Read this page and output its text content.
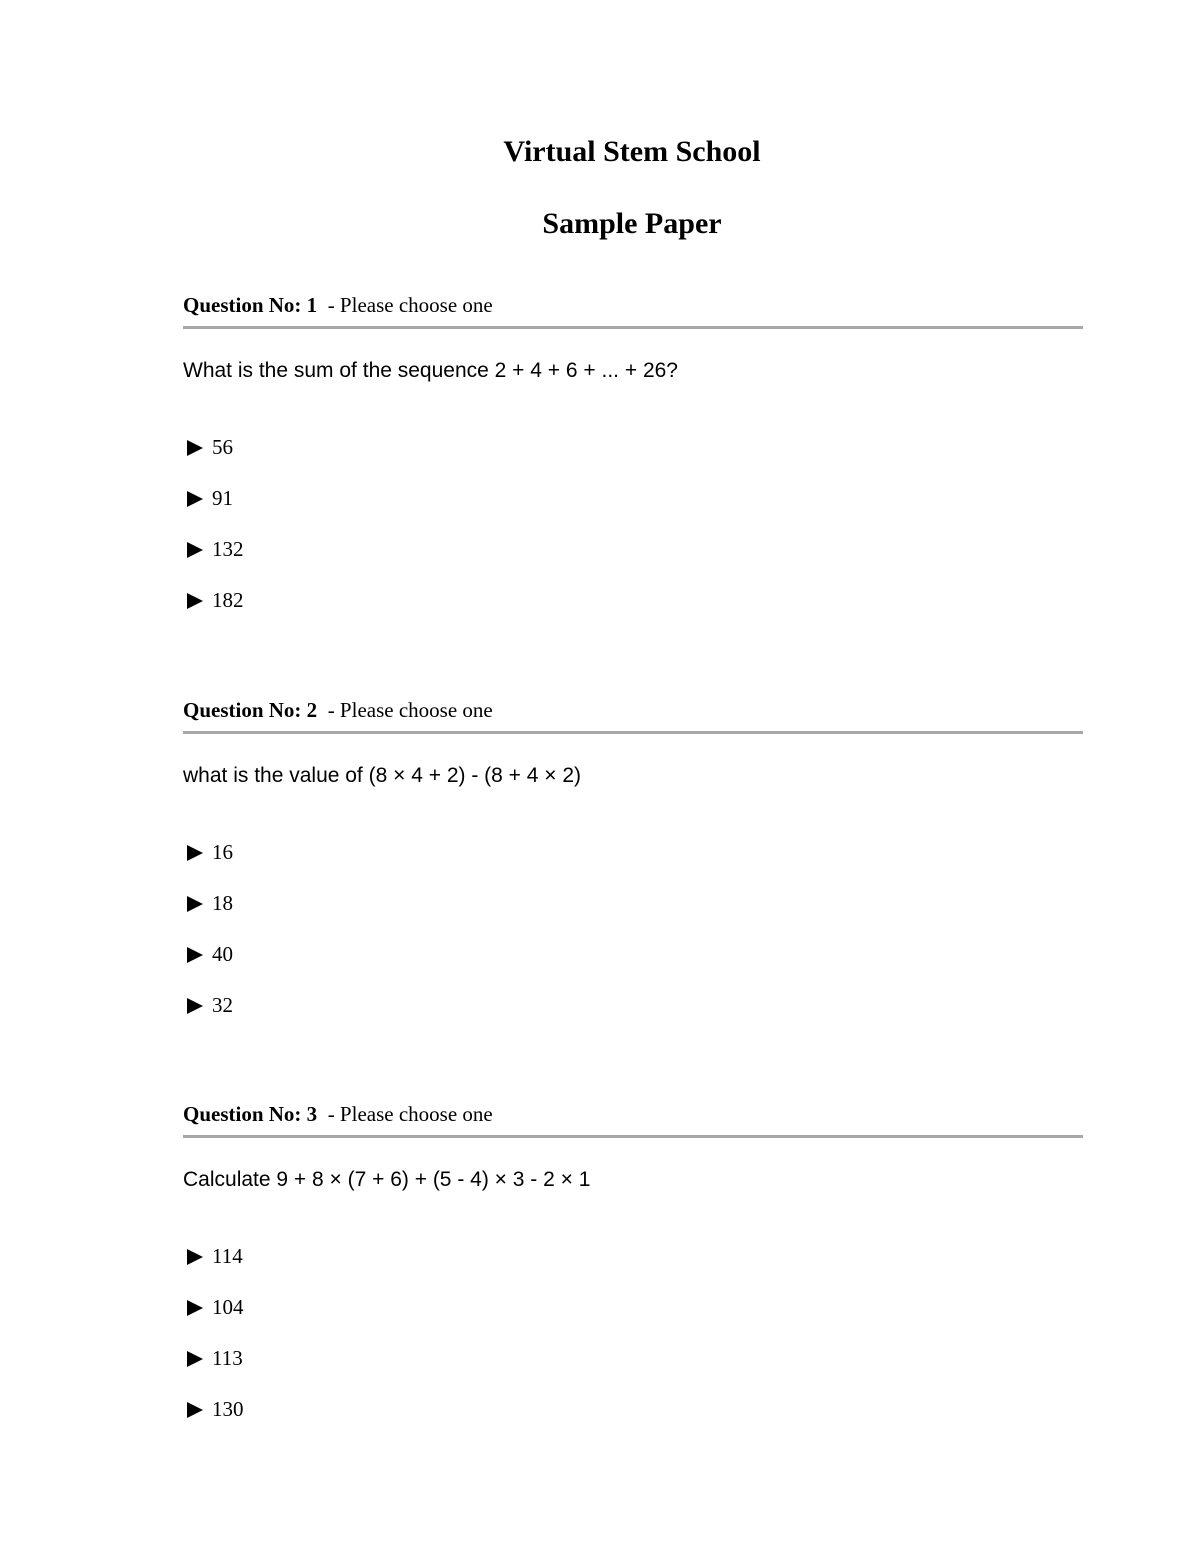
Virtual Stem School
Sample Paper
Question No: 1 - Please choose one
What is the sum of the sequence 2 + 4 + 6 + ... + 26?
56
91
132
182
Question No: 2 - Please choose one
what is the value of (8 × 4 + 2) - (8 + 4 × 2)
16
18
40
32
Question No: 3 - Please choose one
Calculate 9 + 8 × (7 + 6) + (5 - 4) × 3 - 2 × 1
114
104
113
130
